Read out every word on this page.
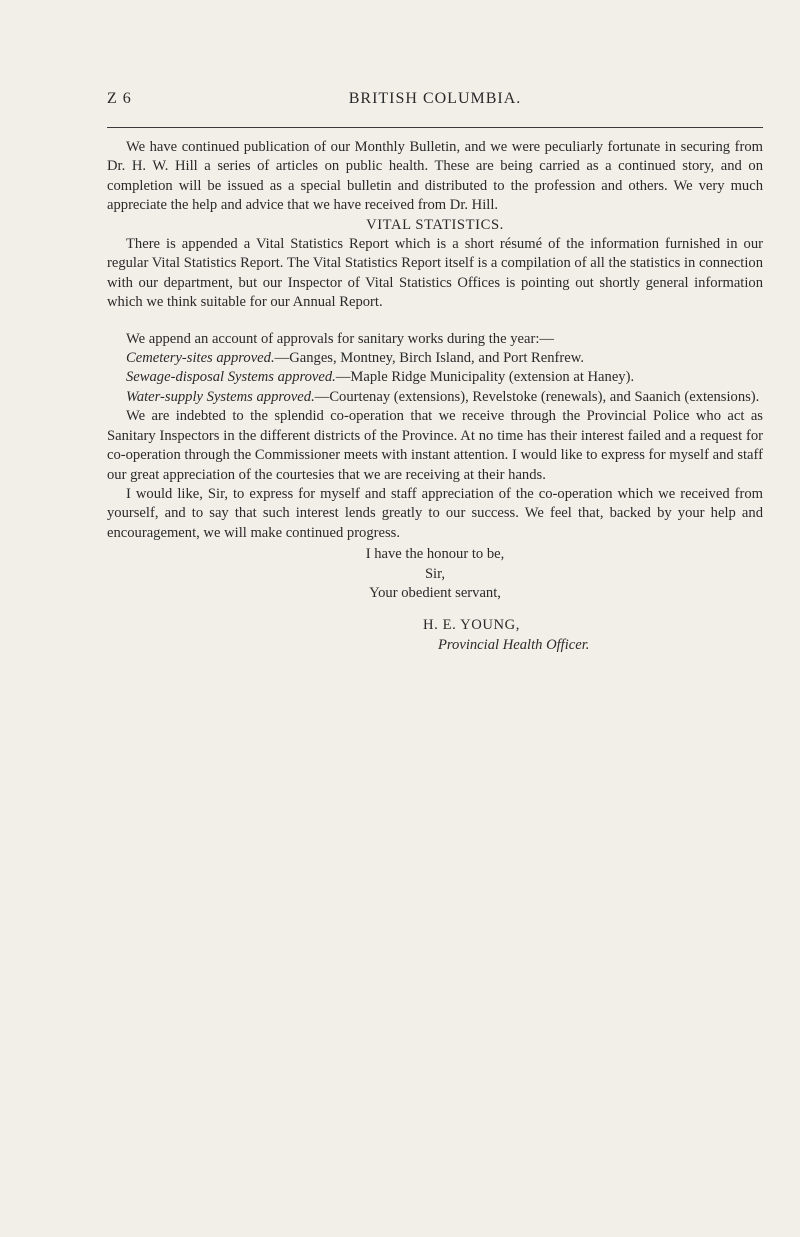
Z 6	BRITISH COLUMBIA.

We have continued publication of our Monthly Bulletin, and we were peculiarly fortunate in securing from Dr. H. W. Hill a series of articles on public health. These are being carried as a continued story, and on completion will be issued as a special bulletin and distributed to the profession and others. We very much appreciate the help and advice that we have received from Dr. Hill.

VITAL STATISTICS.

There is appended a Vital Statistics Report which is a short résumé of the information furnished in our regular Vital Statistics Report. The Vital Statistics Report itself is a compilation of all the statistics in connection with our department, but our Inspector of Vital Statistics Offices is pointing out shortly general information which we think suitable for our Annual Report.

We append an account of approvals for sanitary works during the year:—

Cemetery-sites approved.—Ganges, Montney, Birch Island, and Port Renfrew.

Sewage-disposal Systems approved.—Maple Ridge Municipality (extension at Haney).

Water-supply Systems approved.—Courtenay (extensions), Revelstoke (renewals), and Saanich (extensions).

We are indebted to the splendid co-operation that we receive through the Provincial Police who act as Sanitary Inspectors in the different districts of the Province. At no time has their interest failed and a request for co-operation through the Commissioner meets with instant attention. I would like to express for myself and staff our great appreciation of the courtesies that we are receiving at their hands.

I would like, Sir, to express for myself and staff appreciation of the co-operation which we received from yourself, and to say that such interest lends greatly to our success. We feel that, backed by your help and encouragement, we will make continued progress.

I have the honour to be,
Sir,
Your obedient servant,
H. E. YOUNG,
Provincial Health Officer.
